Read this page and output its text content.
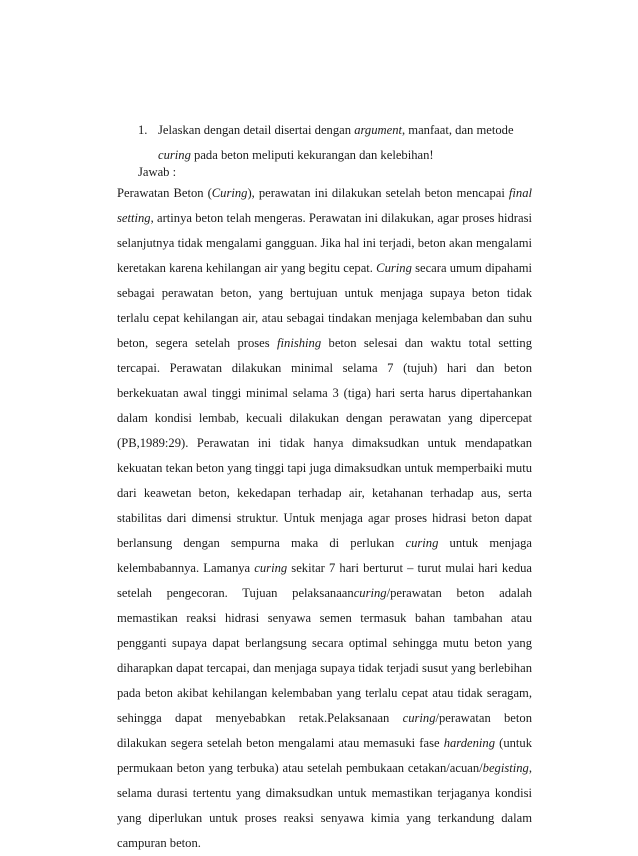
1. Jelaskan dengan detail disertai dengan argument, manfaat, dan metode curing pada beton meliputi kekurangan dan kelebihan!
Jawab :

Perawatan Beton (Curing), perawatan ini dilakukan setelah beton mencapai final setting, artinya beton telah mengeras. Perawatan ini dilakukan, agar proses hidrasi selanjutnya tidak mengalami gangguan. Jika hal ini terjadi, beton akan mengalami keretakan karena kehilangan air yang begitu cepat. Curing secara umum dipahami sebagai perawatan beton, yang bertujuan untuk menjaga supaya beton tidak terlalu cepat kehilangan air, atau sebagai tindakan menjaga kelembaban dan suhu beton, segera setelah proses finishing beton selesai dan waktu total setting tercapai. Perawatan dilakukan minimal selama 7 (tujuh) hari dan beton berkekuatan awal tinggi minimal selama 3 (tiga) hari serta harus dipertahankan dalam kondisi lembab, kecuali dilakukan dengan perawatan yang dipercepat (PB,1989:29). Perawatan ini tidak hanya dimaksudkan untuk mendapatkan kekuatan tekan beton yang tinggi tapi juga dimaksudkan untuk memperbaiki mutu dari keawetan beton, kekedapan terhadap air, ketahanan terhadap aus, serta stabilitas dari dimensi struktur. Untuk menjaga agar proses hidrasi beton dapat berlansung dengan sempurna maka di perlukan curing untuk menjaga kelembabannya. Lamanya curing sekitar 7 hari berturut – turut mulai hari kedua setelah pengecoran. Tujuan pelaksanaancuring/perawatan beton adalah memastikan reaksi hidrasi senyawa semen termasuk bahan tambahan atau pengganti supaya dapat berlangsung secara optimal sehingga mutu beton yang diharapkan dapat tercapai, dan menjaga supaya tidak terjadi susut yang berlebihan pada beton akibat kehilangan kelembaban yang terlalu cepat atau tidak seragam, sehingga dapat menyebabkan retak.Pelaksanaan curing/perawatan beton dilakukan segera setelah beton mengalami atau memasuki fase hardening (untuk permukaan beton yang terbuka) atau setelah pembukaan cetakan/acuan/begisting, selama durasi tertentu yang dimaksudkan untuk memastikan terjaganya kondisi yang diperlukan untuk proses reaksi senyawa kimia yang terkandung dalam campuran beton.
